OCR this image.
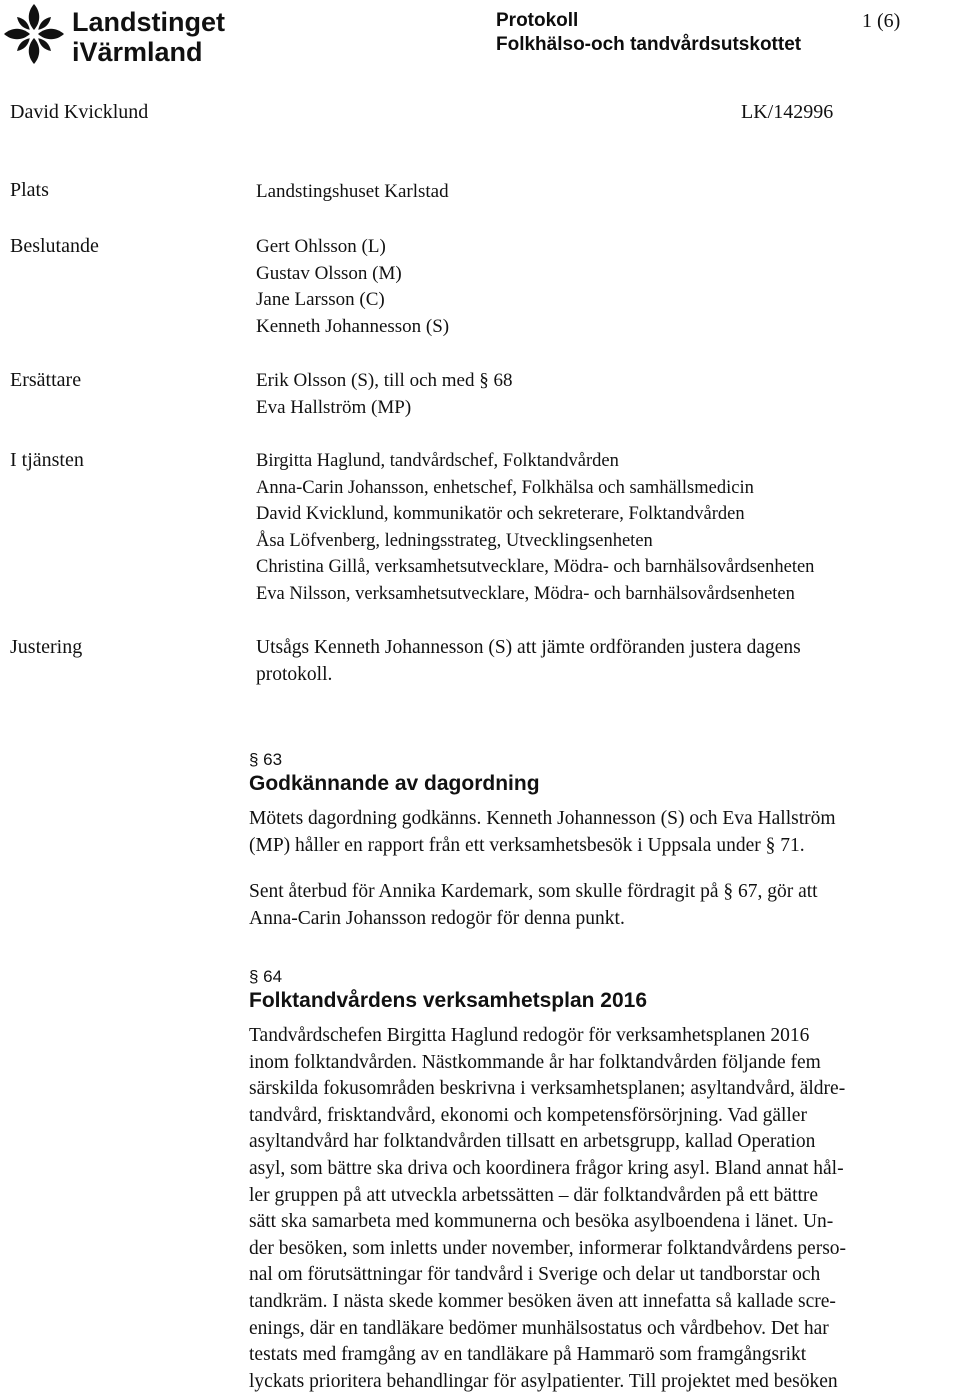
Landstinget
iVärmland
Protokoll	1 (6)
Folkhälso-och tandvårdsutskottet
David Kvicklund	LK/142996
Plats	Landstingshuset Karlstad
Beslutande	Gert Ohlsson (L)
Gustav Olsson (M)
Jane Larsson (C)
Kenneth Johannesson (S)
Ersättare	Erik Olsson (S), till och med § 68
Eva Hallström (MP)
I tjänsten	Birgitta Haglund, tandvårdschef, Folktandvården
Anna-Carin Johansson, enhetschef, Folkhälsa och samhällsmedicin
David Kvicklund, kommunikatör och sekreterare, Folktandvården
Åsa Löfvenberg, ledningsstrateg, Utvecklingsenheten
Christina Gillå, verksamhetsutvecklare, Mödra- och barnhälsovårdsenheten
Eva Nilsson, verksamhetsutvecklare, Mödra- och barnhälsovårdsenheten
Justering	Utsågs Kenneth Johannesson (S) att jämte ordföranden justera dagens
protokoll.
§ 63
Godkännande av dagordning
Mötets dagordning godkänns. Kenneth Johannesson (S) och Eva Hallström
(MP) håller en rapport från ett verksamhetsbesök i Uppsala under § 71.
Sent återbud för Annika Kardemark, som skulle fördragit på § 67, gör att
Anna-Carin Johansson redogör för denna punkt.
§ 64
Folktandvårdens verksamhetsplan 2016
Tandvårdschefen Birgitta Haglund redogör för verksamhetsplanen 2016
inom folktandvården. Nästkommande år har folktandvården följande fem
särskilda fokusområden beskrivna i verksamhetsplanen; asyltandvård, äldre-
tandvård, frisktandvård, ekonomi och kompetensförsörjning. Vad gäller
asyltandvård har folktandvården tillsatt en arbetsgrupp, kallad Operation
asyl, som bättre ska driva och koordinera frågor kring asyl. Bland annat hål-
ler gruppen på att utveckla arbetssätten – där folktandvården på ett bättre
sätt ska samarbeta med kommunerna och besöka asylboendena i länet. Un-
der besöken, som inletts under november, informerar folktandvårdens perso-
nal om förutsättningar för tandvård i Sverige och delar ut tandborstar och
tandkräm. I nästa skede kommer besöken även att innefatta så kallade scre-
enings, där en tandläkare bedömer munhälsostatus och vårdbehov. Det har
testats med framgång av en tandläkare på Hammarö som framgångsrikt
lyckats prioritera behandlingar för asylpatienter. Till projektet med besöken
